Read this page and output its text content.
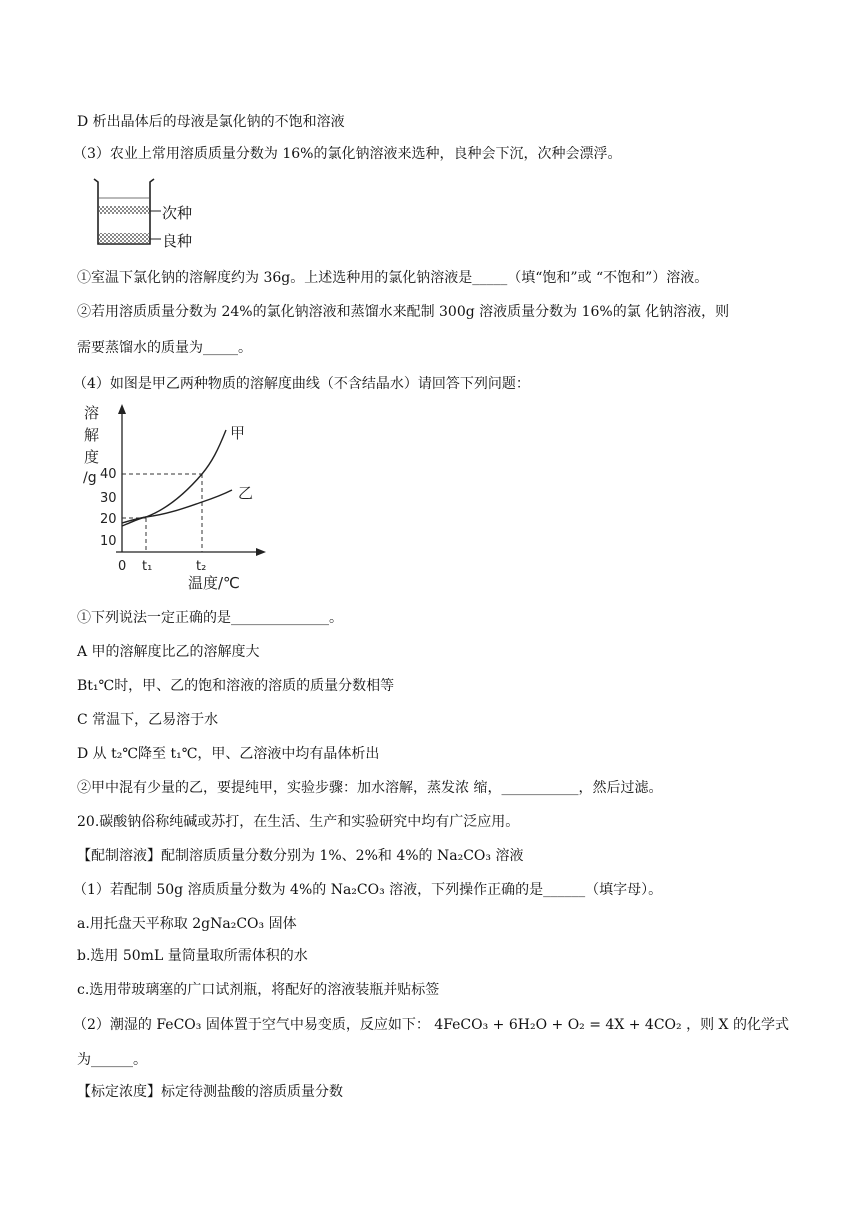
D 析出晶体后的母液是氯化钠的不饱和溶液
（3）农业上常用溶质质量分数为 16%的氯化钠溶液来选种，良种会下沉，次种会漂浮。
次种
良种
①室温下氯化钠的溶解度约为 36g。上述选种用的氯化钠溶液是_____（填“饱和”或 “不饱和”）溶液。
②若用溶质质量分数为 24%的氯化钠溶液和蒸馏水来配制 300g 溶液质量分数为 16%的氯 化钠溶液，则
需要蒸馏水的质量为_____。
（4）如图是甲乙两种物质的溶解度曲线（不含结晶水）请回答下列问题：
溶
解
度
/g 40
30
20
10
0 t₁	t₂
温度/℃
甲
乙
①下列说法一定正确的是______________。
A 甲的溶解度比乙的溶解度大
Bt₁℃时，甲、乙的饱和溶液的溶质的质量分数相等
C 常温下，乙易溶于水
D 从 t₂℃降至 t₁℃，甲、乙溶液中均有晶体析出
②甲中混有少量的乙，要提纯甲，实验步骤：加水溶解，蒸发浓 缩，___________，然后过滤。
20.碳酸钠俗称纯碱或苏打，在生活、生产和实验研究中均有广泛应用。
【配制溶液】配制溶质质量分数分别为 1%、2%和 4%的 Na₂CO₃ 溶液
（1）若配制 50g 溶质质量分数为 4%的 Na₂CO₃ 溶液，下列操作正确的是______（填字母）。
a.用托盘天平称取 2gNa₂CO₃ 固体
b.选用 50mL 量筒量取所需体积的水
c.选用带玻璃塞的广口试剂瓶，将配好的溶液装瓶并贴标签
（2）潮湿的 FeCO₃ 固体置于空气中易变质，反应如下： 4FeCO₃ + 6H₂O + O₂ = 4X + 4CO₂ ，则 X 的化学式
为______。
【标定浓度】标定待测盐酸的溶质质量分数
